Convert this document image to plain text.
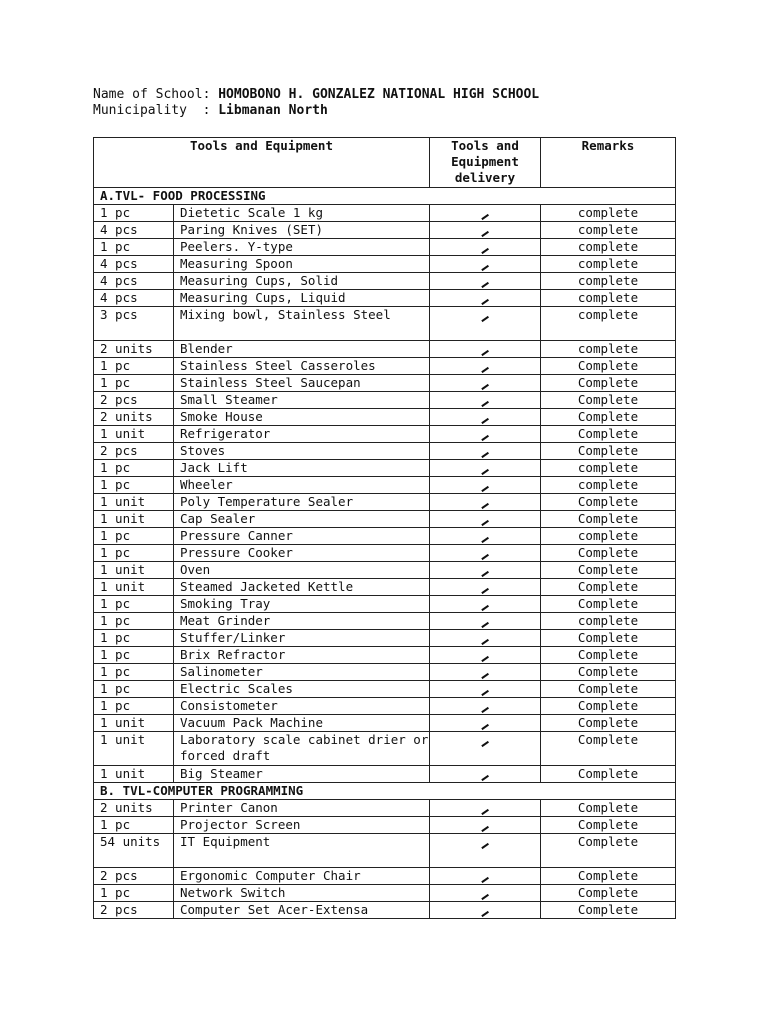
Name of School: HOMOBONO H. GONZALEZ NATIONAL HIGH SCHOOL
Municipality  : Libmanan North
Tools and Equipment		Tools and Equipment delivery	Remarks
A.TVL- FOOD PROCESSING			
1 pc	Dietetic Scale 1 kg		complete
4 pcs	Paring Knives (SET)		complete
1 pc	Peelers. Y-type		complete
4 pcs	Measuring Spoon		complete
4 pcs	Measuring Cups, Solid		complete
4 pcs	Measuring Cups, Liquid		complete
3 pcs	Mixing bowl, Stainless Steel		complete
2 units	Blender		complete
1 pc	Stainless Steel Casseroles		Complete
1 pc	Stainless Steel Saucepan		Complete
2 pcs	Small Steamer		Complete
2 units	Smoke House		Complete
1 unit	Refrigerator		Complete
2 pcs	Stoves		Complete
1 pc	Jack Lift		complete
1 pc	Wheeler		complete
1 unit	Poly Temperature Sealer		Complete
1 unit	Cap Sealer		Complete
1 pc	Pressure Canner		complete
1 pc	Pressure Cooker		Complete
1 unit	Oven		Complete
1 unit	Steamed Jacketed Kettle		Complete
1 pc	Smoking Tray		Complete
1 pc	Meat Grinder		complete
1 pc	Stuffer/Linker		Complete
1 pc	Brix Refractor		Complete
1 pc	Salinometer		Complete
1 pc	Electric Scales		Complete
1 pc	Consistometer		Complete
1 unit	Vacuum Pack Machine		Complete
1 unit	Laboratory scale cabinet drier or forced draft		Complete
1 unit	Big Steamer		Complete
B. TVL-COMPUTER PROGRAMMING			
2 units	Printer Canon		Complete
1 pc	Projector Screen		Complete
54 units	IT Equipment		Complete
2 pcs	Ergonomic Computer Chair		Complete
1 pc	Network Switch		Complete
2 pcs	Computer Set Acer-Extensa		Complete
